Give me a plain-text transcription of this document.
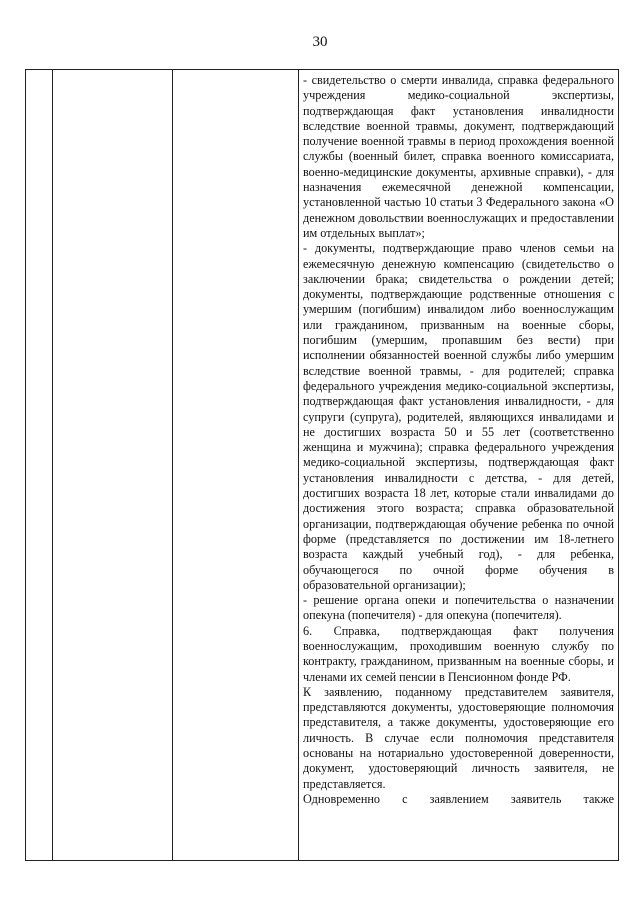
30

- свидетельство о смерти инвалида, справка федерального учреждения медико-социальной экспертизы, подтверждающая факт установления инвалидности вследствие военной травмы, документ, подтверждающий получение военной травмы в период прохождения военной службы (военный билет, справка военного комиссариата, военно-медицинские документы, архивные справки), - для назначения ежемесячной денежной компенсации, установленной частью 10 статьи 3 Федерального закона «О денежном довольствии военнослужащих и предоставлении им отдельных выплат»;

- документы, подтверждающие право членов семьи на ежемесячную денежную компенсацию (свидетельство о заключении брака; свидетельства о рождении детей; документы, подтверждающие родственные отношения с умершим (погибшим) инвалидом либо военнослужащим или гражданином, призванным на военные сборы, погибшим (умершим, пропавшим без вести) при исполнении обязанностей военной службы либо умершим вследствие военной травмы, - для родителей; справка федерального учреждения медико-социальной экспертизы, подтверждающая факт установления инвалидности, - для супруги (супруга), родителей, являющихся инвалидами и не достигших возраста 50 и 55 лет (соответственно женщина и мужчина); справка федерального учреждения медико-социальной экспертизы, подтверждающая факт установления инвалидности с детства, - для детей, достигших возраста 18 лет, которые стали инвалидами до достижения этого возраста; справка образовательной организации, подтверждающая обучение ребенка по очной форме (представляется по достижении им 18-летнего возраста каждый учебный год), - для ребенка, обучающегося по очной форме обучения в образовательной организации);

- решение органа опеки и попечительства о назначении опекуна (попечителя) - для опекуна (попечителя).

6. Справка, подтверждающая факт получения военнослужащим, проходившим военную службу по контракту, гражданином, призванным на военные сборы, и членами их семей пенсии в Пенсионном фонде РФ.

К заявлению, поданному представителем заявителя, представляются документы, удостоверяющие полномочия представителя, а также документы, удостоверяющие его личность. В случае если полномочия представителя основаны на нотариально удостоверенной доверенности, документ, удостоверяющий личность заявителя, не представляется.

Одновременно с заявлением заявитель также
